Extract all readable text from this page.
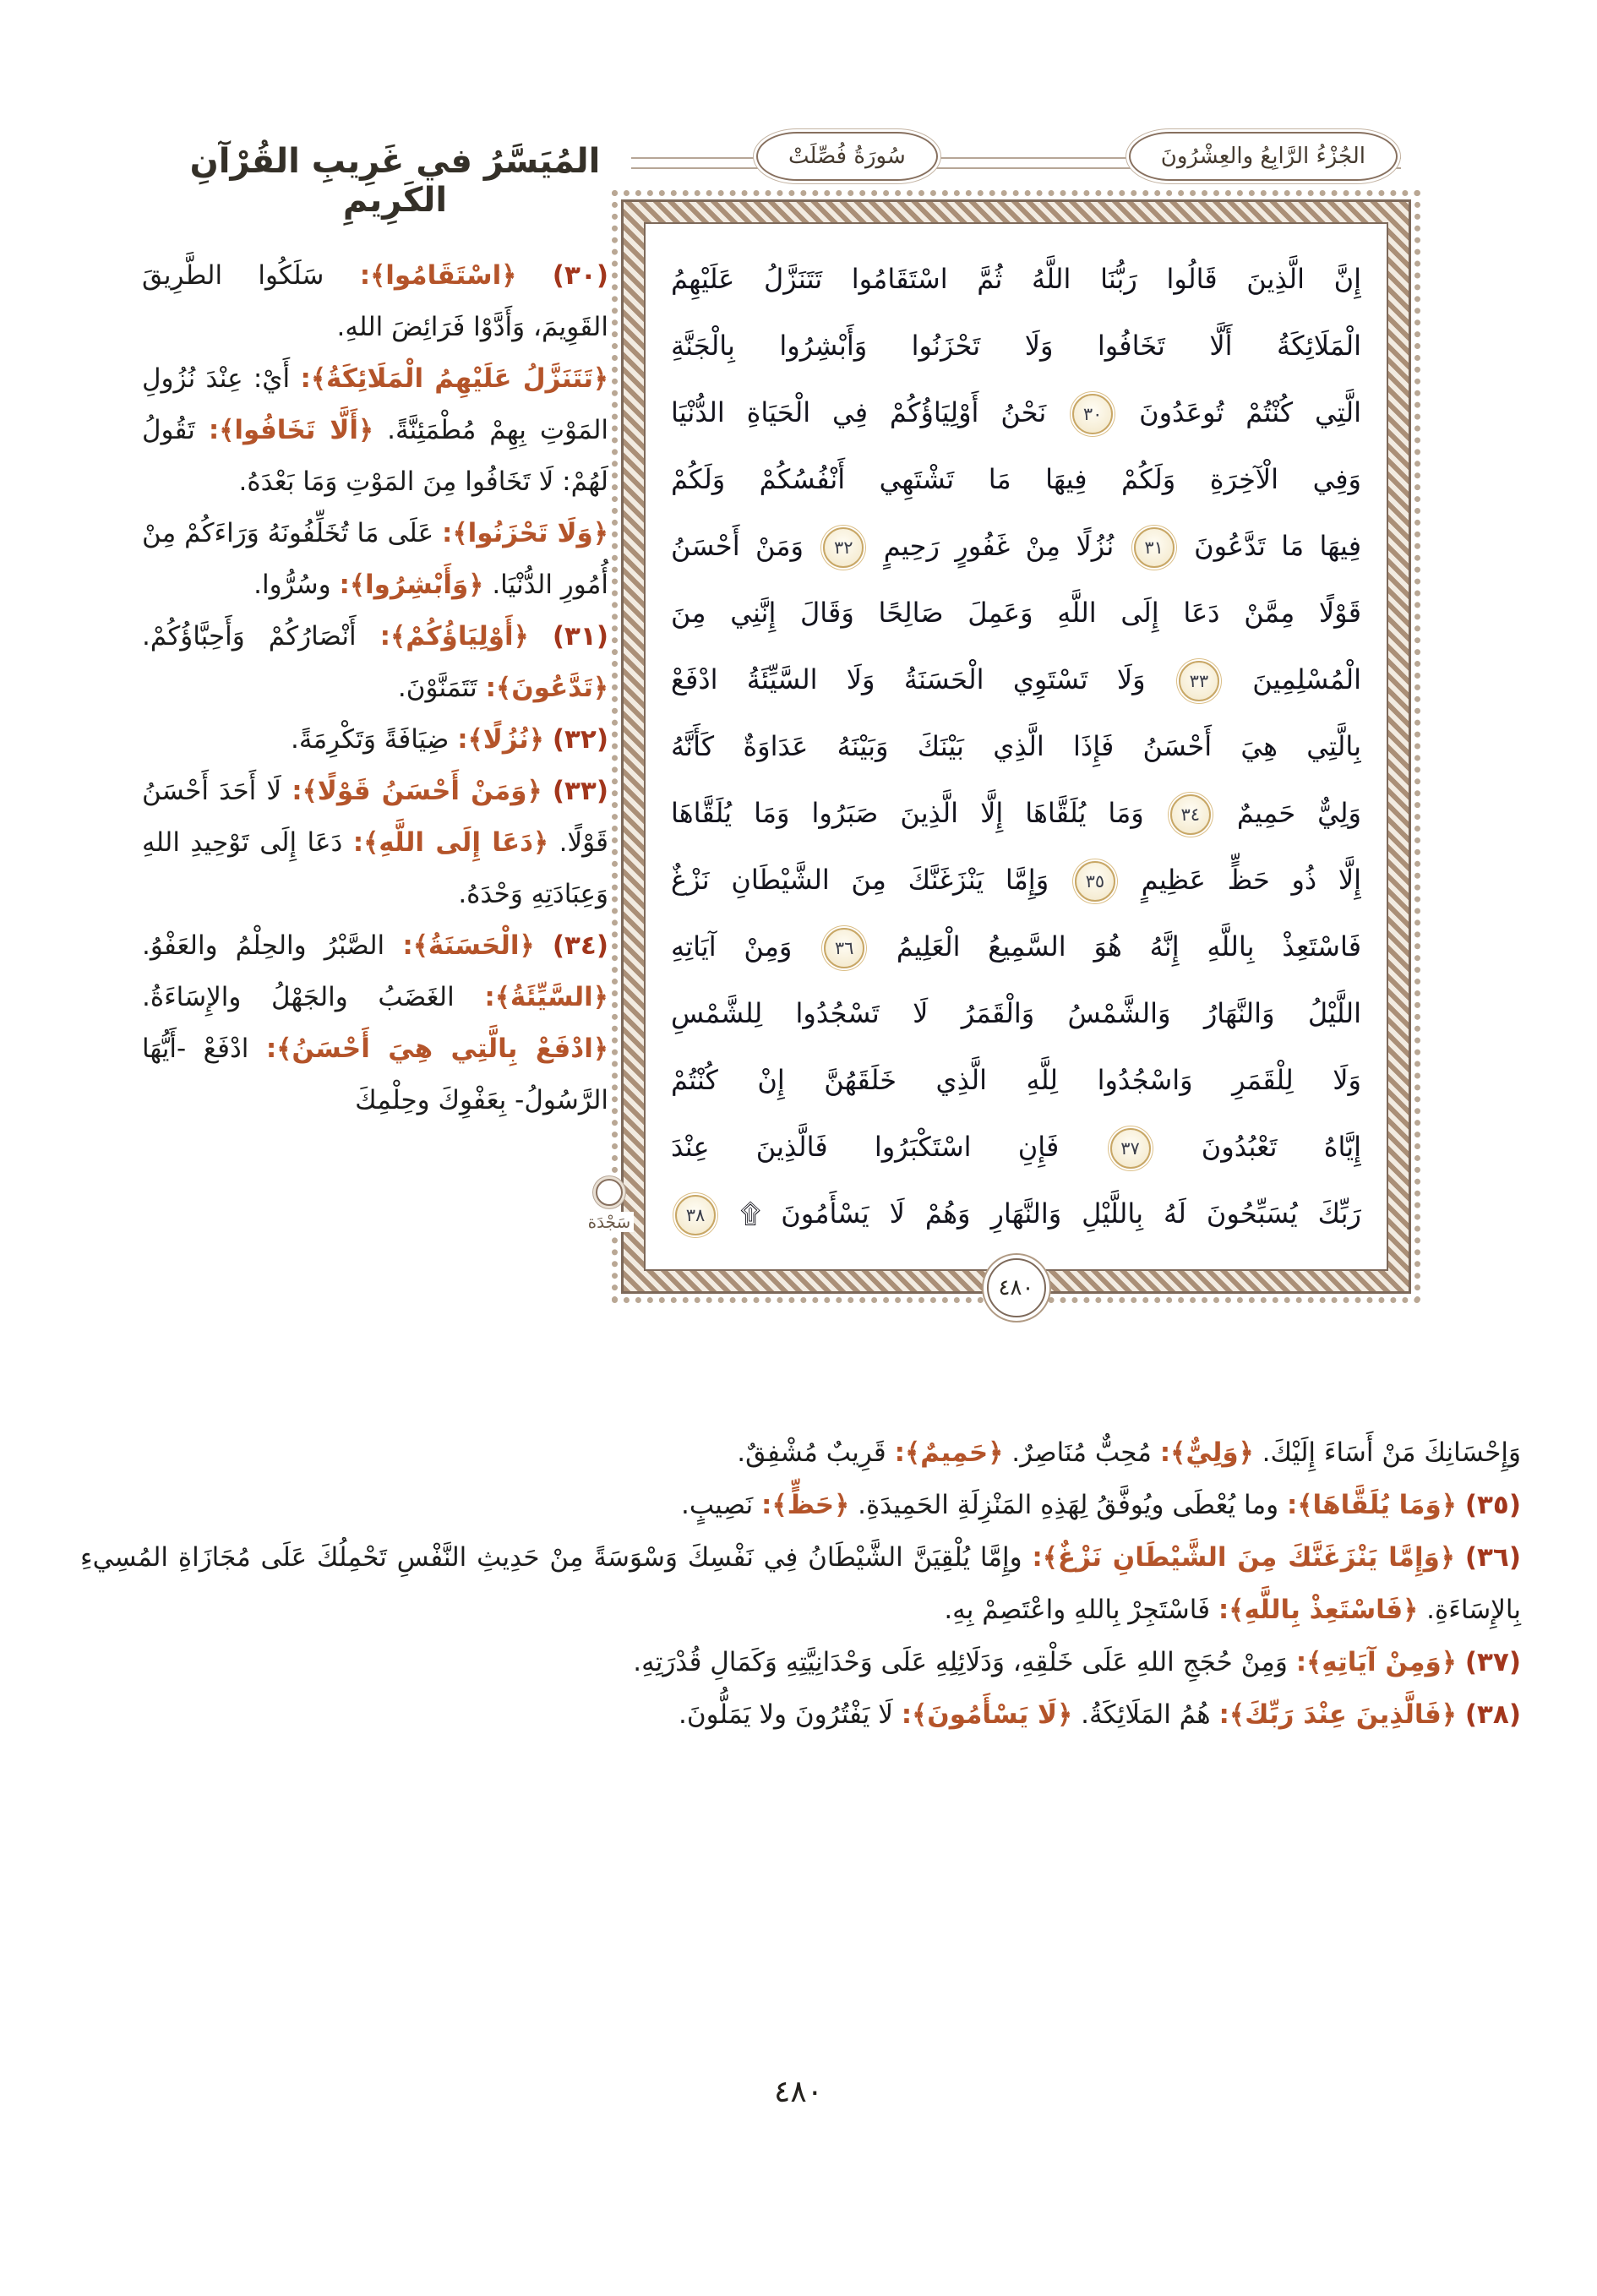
المُيَسَّرُ في غَرِيبِ القُرْآنِ الكَرِيمِ
الجُزْءُ الرَّابِعُ والعِشْرُونَ
سُورَةُ فُصِّلَتْ
إِنَّ الَّذِينَ قَالُوا رَبُّنَا اللَّهُ ثُمَّ اسْتَقَامُوا تَتَنَزَّلُ عَلَيْهِمُ
الْمَلَائِكَةُ أَلَّا تَخَافُوا وَلَا تَحْزَنُوا وَأَبْشِرُوا بِالْجَنَّةِ
الَّتِي كُنْتُمْ تُوعَدُونَ ٣٠ نَحْنُ أَوْلِيَاؤُكُمْ فِي الْحَيَاةِ الدُّنْيَا
وَفِي الْآخِرَةِ وَلَكُمْ فِيهَا مَا تَشْتَهِي أَنْفُسُكُمْ وَلَكُمْ
فِيهَا مَا تَدَّعُونَ ٣١ نُزُلًا مِنْ غَفُورٍ رَحِيمٍ ٣٢ وَمَنْ أَحْسَنُ
قَوْلًا مِمَّنْ دَعَا إِلَى اللَّهِ وَعَمِلَ صَالِحًا وَقَالَ إِنَّنِي مِنَ
الْمُسْلِمِينَ ٣٣ وَلَا تَسْتَوِي الْحَسَنَةُ وَلَا السَّيِّئَةُ ادْفَعْ
بِالَّتِي هِيَ أَحْسَنُ فَإِذَا الَّذِي بَيْنَكَ وَبَيْنَهُ عَدَاوَةٌ كَأَنَّهُ
وَلِيٌّ حَمِيمٌ ٣٤ وَمَا يُلَقَّاهَا إِلَّا الَّذِينَ صَبَرُوا وَمَا يُلَقَّاهَا
إِلَّا ذُو حَظٍّ عَظِيمٍ ٣٥ وَإِمَّا يَنْزَغَنَّكَ مِنَ الشَّيْطَانِ نَزْغٌ
فَاسْتَعِذْ بِاللَّهِ إِنَّهُ هُوَ السَّمِيعُ الْعَلِيمُ ٣٦ وَمِنْ آيَاتِهِ
اللَّيْلُ وَالنَّهَارُ وَالشَّمْسُ وَالْقَمَرُ لَا تَسْجُدُوا لِلشَّمْسِ
وَلَا لِلْقَمَرِ وَاسْجُدُوا لِلَّهِ الَّذِي خَلَقَهُنَّ إِنْ كُنْتُمْ
إِيَّاهُ تَعْبُدُونَ ٣٧ فَإِنِ اسْتَكْبَرُوا فَالَّذِينَ عِنْدَ
رَبِّكَ يُسَبِّحُونَ لَهُ بِاللَّيْلِ وَالنَّهَارِ وَهُمْ لَا يَسْأَمُونَ ۩ ٣٨
سَجْدَة
٤٨٠

(٣٠) ﴿اسْتَقَامُوا﴾: سَلَكُوا الطَّرِيقَ القَوِيمَ، وَأَدَّوْا فَرَائِضَ اللهِ.

﴿تَتَنَزَّلُ عَلَيْهِمُ الْمَلَائِكَةُ﴾: أَيْ: عِنْدَ نُزُولِ المَوْتِ بِهِمْ مُطْمَئِنَّةً. ﴿أَلَّا تَخَافُوا﴾: تَقُولُ لَهُمْ: لَا تَخَافُوا مِنَ المَوْتِ وَمَا بَعْدَهُ.

﴿وَلَا تَحْزَنُوا﴾: عَلَى مَا تُخَلِّفُونَهُ وَرَاءَكُمْ مِنْ أُمُورِ الدُّنْيَا. ﴿وَأَبْشِرُوا﴾: وسُرُّوا.

(٣١) ﴿أَوْلِيَاؤُكُمْ﴾: أَنْصَارُكُمْ وَأَحِبَّاؤُكُمْ. ﴿تَدَّعُونَ﴾: تَتَمَنَّوْنَ.

(٣٢) ﴿نُزُلًا﴾: ضِيَافَةً وَتَكْرِمَةً.

(٣٣) ﴿وَمَنْ أَحْسَنُ قَوْلًا﴾: لَا أَحَدَ أَحْسَنُ قَوْلًا. ﴿دَعَا إِلَى اللَّهِ﴾: دَعَا إِلَى تَوْحِيدِ اللهِ وَعِبَادَتِهِ وَحْدَهُ.

(٣٤) ﴿الْحَسَنَةُ﴾: الصَّبْرُ والحِلْمُ والعَفْوُ. ﴿السَّيِّئَةُ﴾: الغَضَبُ والجَهْلُ والإِسَاءَةُ. ﴿ادْفَعْ بِالَّتِي هِيَ أَحْسَنُ﴾: ادْفَعْ -أَيُّهَا الرَّسُولُ- بِعَفْوِكَ وحِلْمِكَ

وَإِحْسَانِكَ مَنْ أَسَاءَ إِلَيْكَ. ﴿وَلِيٌّ﴾: مُحِبٌّ مُنَاصِرٌ. ﴿حَمِيمٌ﴾: قَرِيبٌ مُشْفِقٌ.

(٣٥) ﴿وَمَا يُلَقَّاهَا﴾: وما يُعْطَى ويُوفَّقُ لِهَذِهِ المَنْزِلَةِ الحَمِيدَةِ. ﴿حَظٍّ﴾: نَصِيبٍ.

(٣٦) ﴿وَإِمَّا يَنْزَغَنَّكَ مِنَ الشَّيْطَانِ نَزْغٌ﴾: وإِمَّا يُلْقِيَنَّ الشَّيْطَانُ فِي نَفْسِكَ وَسْوَسَةً مِنْ حَدِيثِ النَّفْسِ تَحْمِلُكَ عَلَى مُجَازَاةِ المُسِيءِ بِالإِسَاءَةِ. ﴿فَاسْتَعِذْ بِاللَّهِ﴾: فَاسْتَجِرْ بِاللهِ واعْتَصِمْ بِهِ.

(٣٧) ﴿وَمِنْ آيَاتِهِ﴾: وَمِنْ حُجَجِ اللهِ عَلَى خَلْقِهِ، وَدَلَائِلِهِ عَلَى وَحْدَانِيَّتِهِ وَكَمَالِ قُدْرَتِهِ.

(٣٨) ﴿فَالَّذِينَ عِنْدَ رَبِّكَ﴾: هُمُ المَلَائِكَةُ. ﴿لَا يَسْأَمُونَ﴾: لَا يَفْتُرُونَ ولا يَمَلُّونَ.

٤٨٠
